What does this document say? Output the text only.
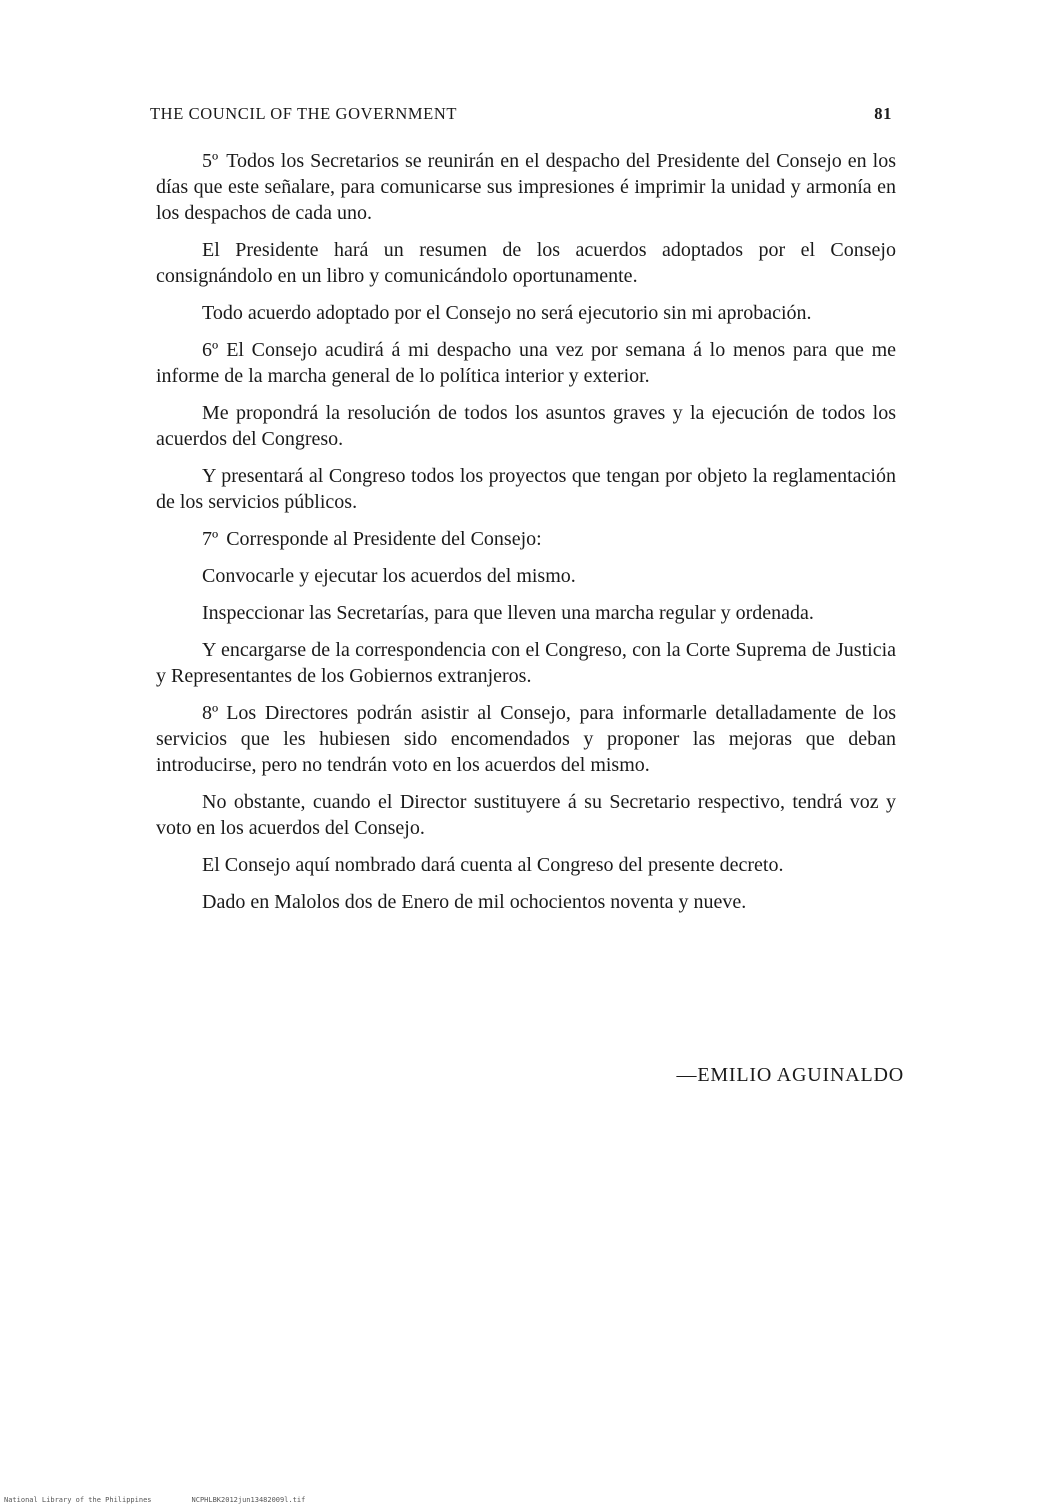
THE COUNCIL OF THE GOVERNMENT	81

5º Todos los Secretarios se reunirán en el despacho del Presidente del Consejo en los días que este señalare, para comunicarse sus impresiones é imprimir la unidad y armonía en los despachos de cada uno.

El Presidente hará un resumen de los acuerdos adoptados por el Consejo consignándolo en un libro y comunicándolo oportunamente.

Todo acuerdo adoptado por el Consejo no será ejecutorio sin mi aprobación.

6º El Consejo acudirá á mi despacho una vez por semana á lo menos para que me informe de la marcha general de lo política interior y exterior.

Me propondrá la resolución de todos los asuntos graves y la ejecución de todos los acuerdos del Congreso.

Y presentará al Congreso todos los proyectos que tengan por objeto la reglamentación de los servicios públicos.

7º Corresponde al Presidente del Consejo:

Convocarle y ejecutar los acuerdos del mismo.

Inspeccionar las Secretarías, para que lleven una marcha regular y ordenada.

Y encargarse de la correspondencia con el Congreso, con la Corte Suprema de Justicia y Representantes de los Gobiernos extranjeros.

8º Los Directores podrán asistir al Consejo, para informarle detalladamente de los servicios que les hubiesen sido encomendados y proponer las mejoras que deban introducirse, pero no tendrán voto en los acuerdos del mismo.

No obstante, cuando el Director sustituyere á su Secretario respectivo, tendrá voz y voto en los acuerdos del Consejo.

El Consejo aquí nombrado dará cuenta al Congreso del presente decreto.

Dado en Malolos dos de Enero de mil ochocientos noventa y nueve.

—EMILIO AGUINALDO
National Library of the Philippines	NCPHLBK2012jun13482009l.tif
